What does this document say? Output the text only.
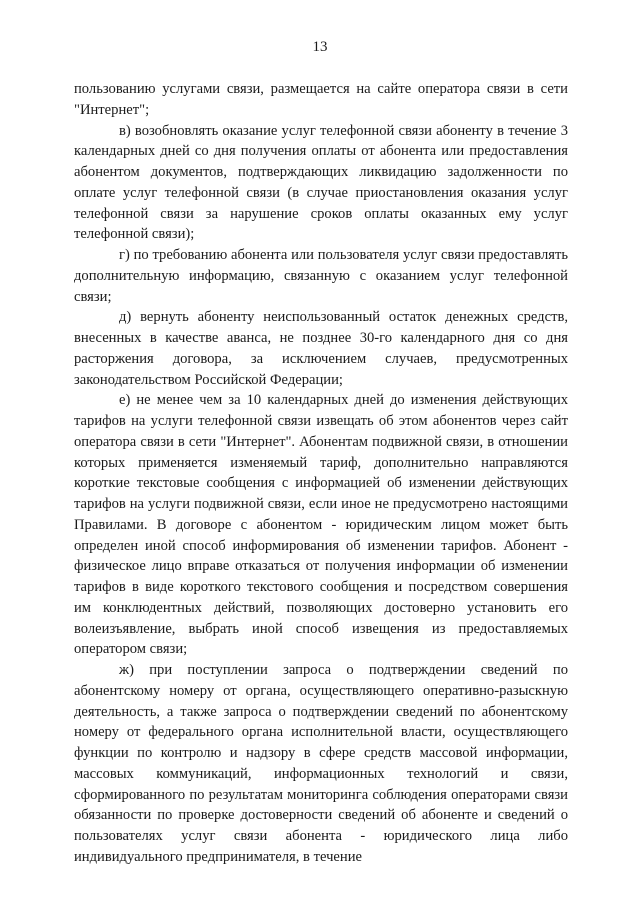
13

пользованию услугами связи, размещается на сайте оператора связи в сети "Интернет";

в) возобновлять оказание услуг телефонной связи абоненту в течение 3 календарных дней со дня получения оплаты от абонента или предоставления абонентом документов, подтверждающих ликвидацию задолженности по оплате услуг телефонной связи (в случае приостановления оказания услуг телефонной связи за нарушение сроков оплаты оказанных ему услуг телефонной связи);

г) по требованию абонента или пользователя услуг связи предоставлять дополнительную информацию, связанную с оказанием услуг телефонной связи;

д) вернуть абоненту неиспользованный остаток денежных средств, внесенных в качестве аванса, не позднее 30-го календарного дня со дня расторжения договора, за исключением случаев, предусмотренных законодательством Российской Федерации;

е) не менее чем за 10 календарных дней до изменения действующих тарифов на услуги телефонной связи извещать об этом абонентов через сайт оператора связи в сети "Интернет". Абонентам подвижной связи, в отношении которых применяется изменяемый тариф, дополнительно направляются короткие текстовые сообщения с информацией об изменении действующих тарифов на услуги подвижной связи, если иное не предусмотрено настоящими Правилами. В договоре с абонентом - юридическим лицом может быть определен иной способ информирования об изменении тарифов. Абонент - физическое лицо вправе отказаться от получения информации об изменении тарифов в виде короткого текстового сообщения и посредством совершения им конклюдентных действий, позволяющих достоверно установить его волеизъявление, выбрать иной способ извещения из предоставляемых оператором связи;

ж) при поступлении запроса о подтверждении сведений по абонентскому номеру от органа, осуществляющего оперативно-разыскную деятельность, а также запроса о подтверждении сведений по абонентскому номеру от федерального органа исполнительной власти, осуществляющего функции по контролю и надзору в сфере средств массовой информации, массовых коммуникаций, информационных технологий и связи, сформированного по результатам мониторинга соблюдения операторами связи обязанности по проверке достоверности сведений об абоненте и сведений о пользователях услуг связи абонента - юридического лица либо индивидуального предпринимателя, в течение
